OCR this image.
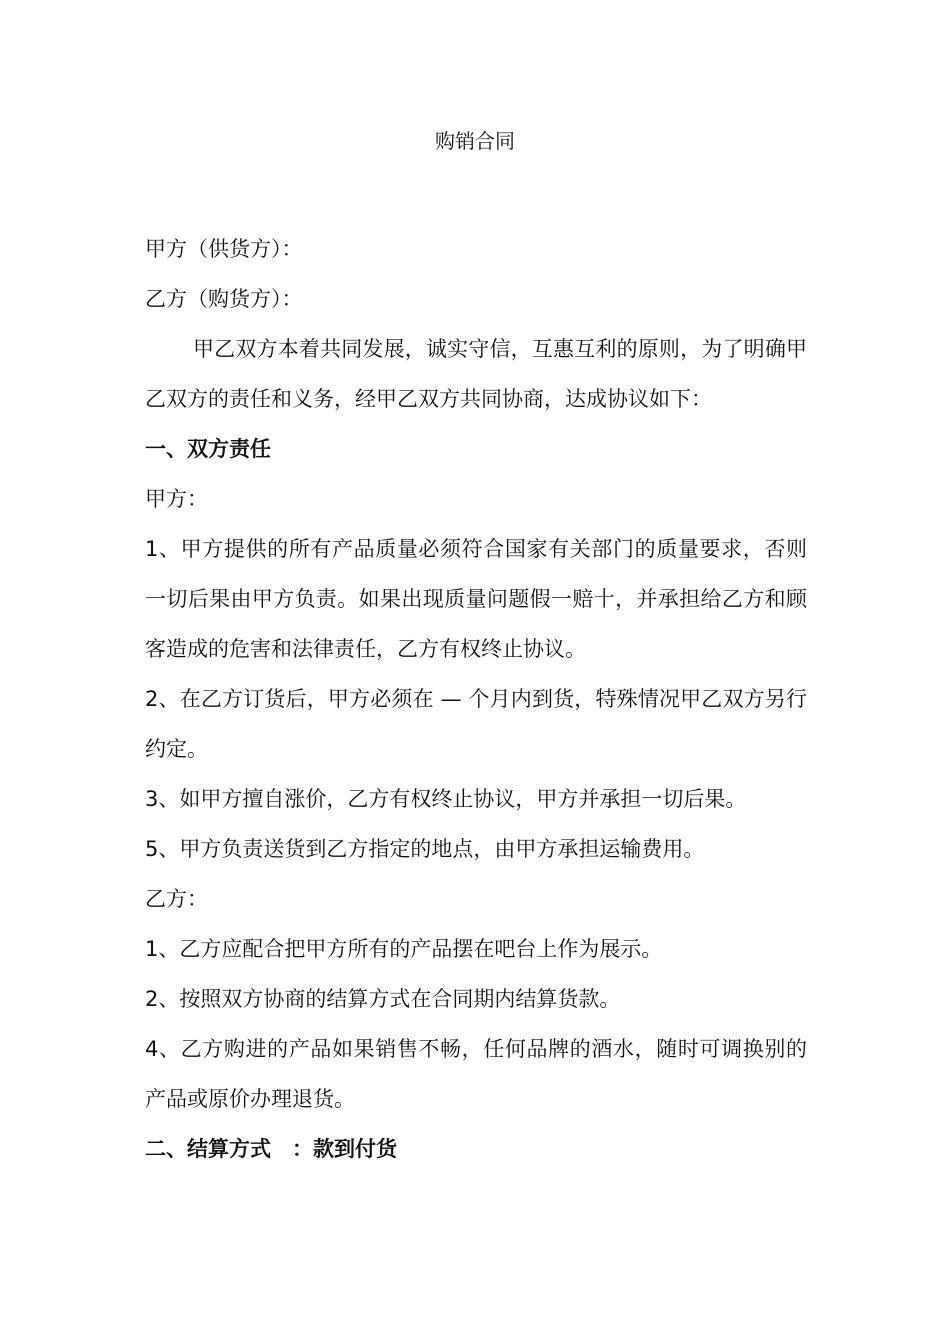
购销合同

甲方（供货方）：

乙方（购货方）：

甲乙双方本着共同发展，诚实守信，互惠互利的原则，为了明确甲乙双方的责任和义务，经甲乙双方共同协商，达成协议如下：

一、双方责任

甲方：

1、甲方提供的所有产品质量必须符合国家有关部门的质量要求，否则一切后果由甲方负责。如果出现质量问题假一赔十，并承担给乙方和顾客造成的危害和法律责任，乙方有权终止协议。

2、在乙方订货后，甲方必须在 — 个月内到货，特殊情况甲乙双方另行约定。

3、如甲方擅自涨价，乙方有权终止协议，甲方并承担一切后果。

5、甲方负责送货到乙方指定的地点，由甲方承担运输费用。

乙方：

1、乙方应配合把甲方所有的产品摆在吧台上作为展示。

2、按照双方协商的结算方式在合同期内结算货款。

4、乙方购进的产品如果销售不畅，任何品牌的酒水，随时可调换别的产品或原价办理退货。

二、结算方式　：款到付货
